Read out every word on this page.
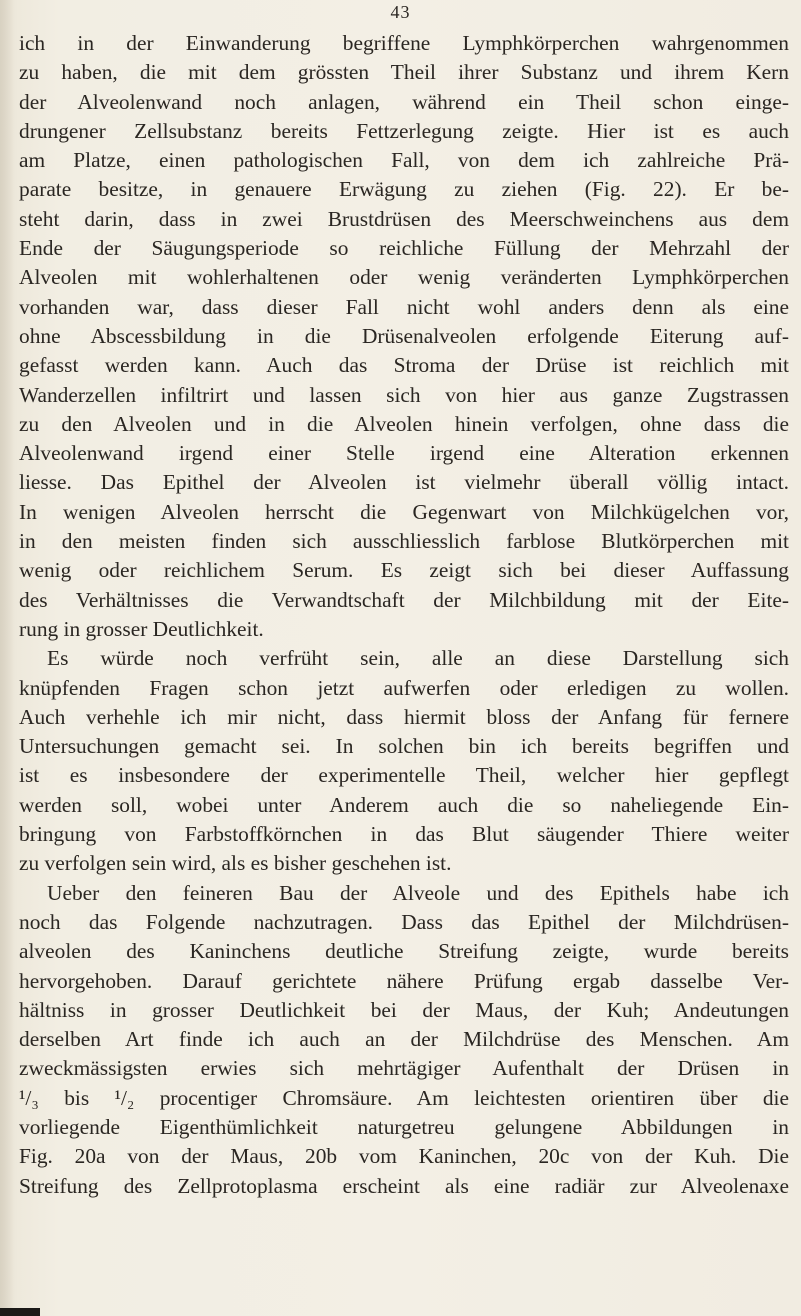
43
ich in der Einwanderung begriffene Lymphkörperchen wahrgenommen
zu haben, die mit dem grössten Theil ihrer Substanz und ihrem Kern
der Alveolenwand noch anlagen, während ein Theil schon einge-
drungener Zellsubstanz bereits Fettzerlegung zeigte. Hier ist es auch
am Platze, einen pathologischen Fall, von dem ich zahlreiche Prä-
parate besitze, in genauere Erwägung zu ziehen (Fig. 22). Er be-
steht darin, dass in zwei Brustdrüsen des Meerschweinchens aus dem
Ende der Säugungsperiode so reichliche Füllung der Mehrzahl der
Alveolen mit wohlerhaltenen oder wenig veränderten Lymphkörperchen
vorhanden war, dass dieser Fall nicht wohl anders denn als eine
ohne Abscessbildung in die Drüsenalveolen erfolgende Eiterung auf-
gefasst werden kann. Auch das Stroma der Drüse ist reichlich mit
Wanderzellen infiltrirt und lassen sich von hier aus ganze Zugstrassen
zu den Alveolen und in die Alveolen hinein verfolgen, ohne dass die
Alveolenwand irgend einer Stelle irgend eine Alteration erkennen
liesse. Das Epithel der Alveolen ist vielmehr überall völlig intact.
In wenigen Alveolen herrscht die Gegenwart von Milchkügelchen vor,
in den meisten finden sich ausschliesslich farblose Blutkörperchen mit
wenig oder reichlichem Serum. Es zeigt sich bei dieser Auffassung
des Verhältnisses die Verwandtschaft der Milchbildung mit der Eite-
rung in grosser Deutlichkeit.
Es würde noch verfrüht sein, alle an diese Darstellung sich
knüpfenden Fragen schon jetzt aufwerfen oder erledigen zu wollen.
Auch verhehle ich mir nicht, dass hiermit bloss der Anfang für fernere
Untersuchungen gemacht sei. In solchen bin ich bereits begriffen und
ist es insbesondere der experimentelle Theil, welcher hier gepflegt
werden soll, wobei unter Anderem auch die so naheliegende Ein-
bringung von Farbstoffkörnchen in das Blut säugender Thiere weiter
zu verfolgen sein wird, als es bisher geschehen ist.
Ueber den feineren Bau der Alveole und des Epithels habe ich
noch das Folgende nachzutragen. Dass das Epithel der Milchdrüsen-
alveolen des Kaninchens deutliche Streifung zeigte, wurde bereits
hervorgehoben. Darauf gerichtete nähere Prüfung ergab dasselbe Ver-
hältniss in grosser Deutlichkeit bei der Maus, der Kuh; Andeutungen
derselben Art finde ich auch an der Milchdrüse des Menschen. Am
zweckmässigsten erwies sich mehrtägiger Aufenthalt der Drüsen in
¹/₃ bis ¹/₂ procentiger Chromsäure. Am leichtesten orientiren über die
vorliegende Eigenthümlichkeit naturgetreu gelungene Abbildungen in
Fig. 20a von der Maus, 20b vom Kaninchen, 20c von der Kuh. Die
Streifung des Zellprotoplasma erscheint als eine radiär zur Alveolenaxe
